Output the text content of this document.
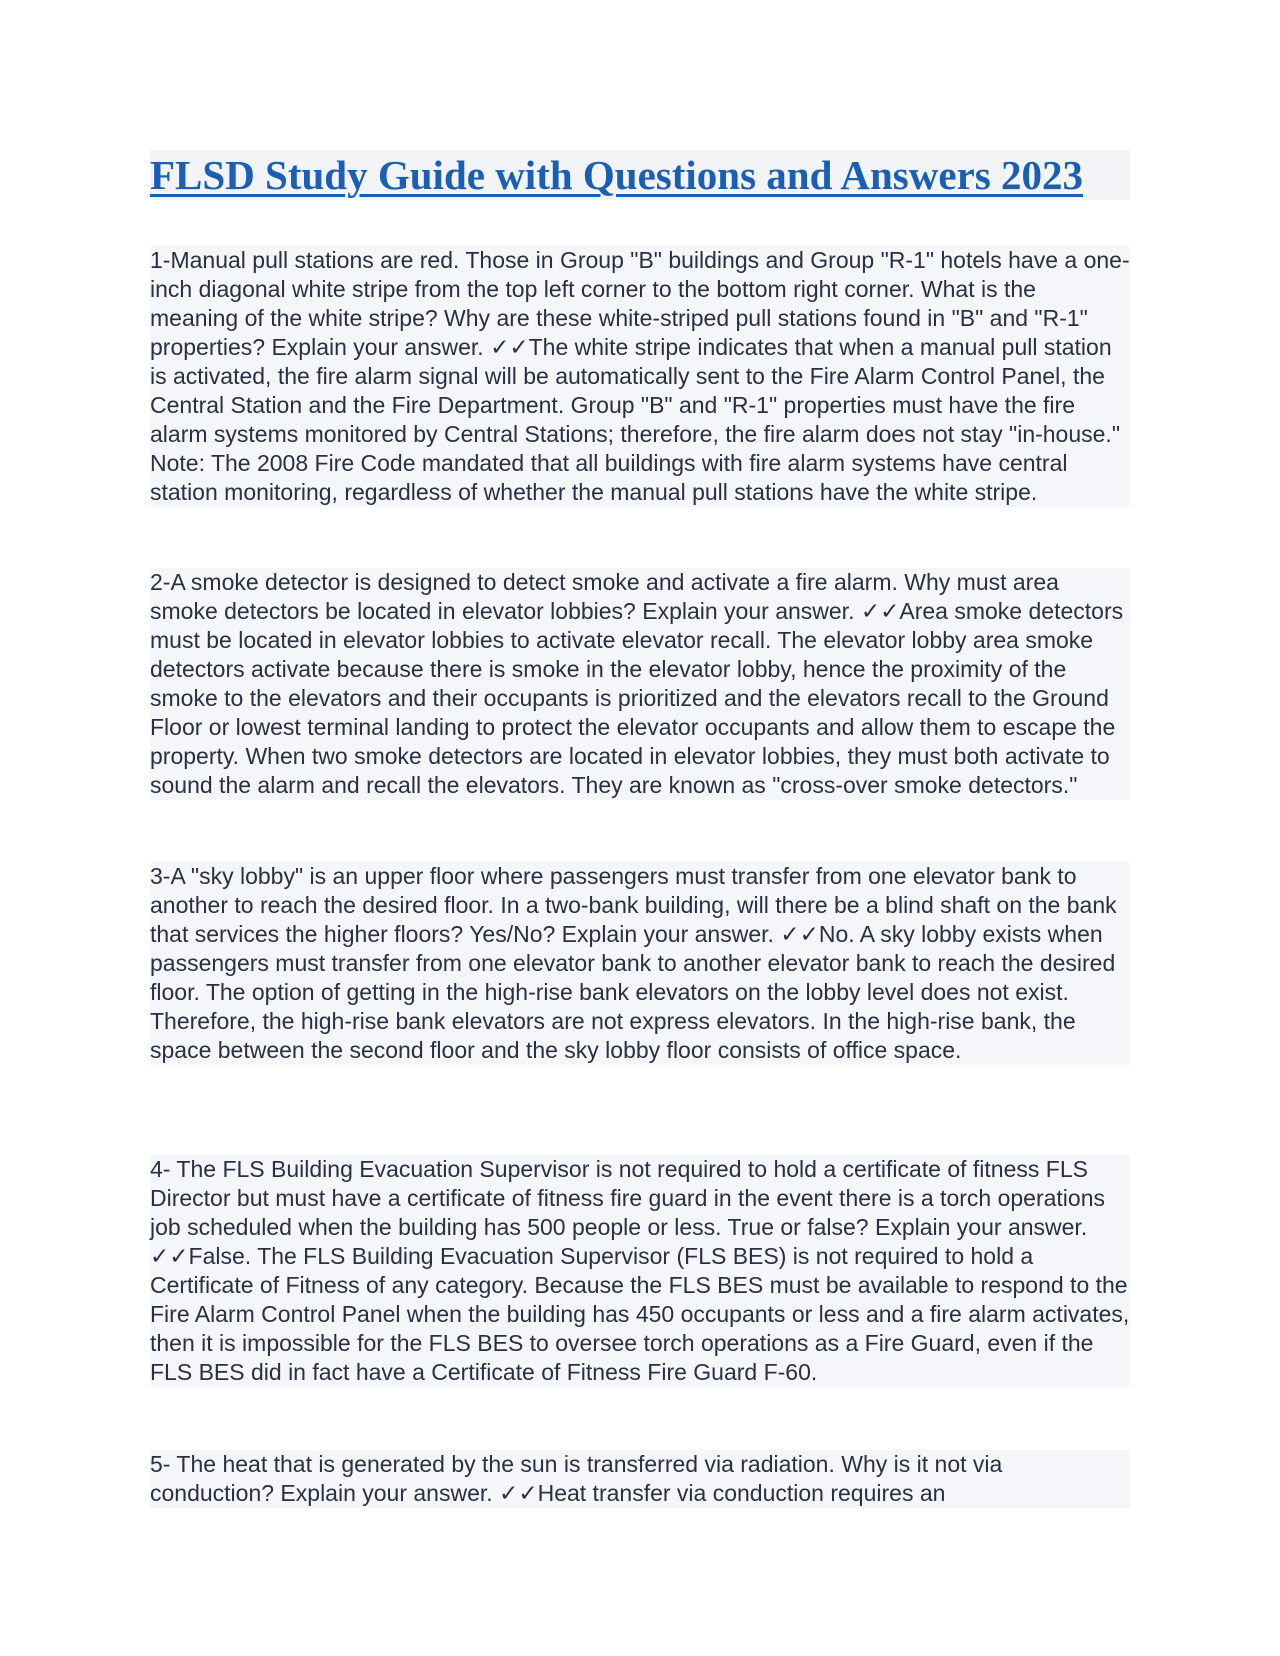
FLSD Study Guide with Questions and Answers 2023

1-Manual pull stations are red. Those in Group "B" buildings and Group "R-1" hotels have a one-inch diagonal white stripe from the top left corner to the bottom right corner. What is the meaning of the white stripe? Why are these white-striped pull stations found in "B" and "R-1" properties? Explain your answer. ✓✓The white stripe indicates that when a manual pull station is activated, the fire alarm signal will be automatically sent to the Fire Alarm Control Panel, the Central Station and the Fire Department. Group "B" and "R-1" properties must have the fire alarm systems monitored by Central Stations; therefore, the fire alarm does not stay "in-house." Note: The 2008 Fire Code mandated that all buildings with fire alarm systems have central station monitoring, regardless of whether the manual pull stations have the white stripe.

2-A smoke detector is designed to detect smoke and activate a fire alarm. Why must area smoke detectors be located in elevator lobbies? Explain your answer. ✓✓Area smoke detectors must be located in elevator lobbies to activate elevator recall. The elevator lobby area smoke detectors activate because there is smoke in the elevator lobby, hence the proximity of the smoke to the elevators and their occupants is prioritized and the elevators recall to the Ground Floor or lowest terminal landing to protect the elevator occupants and allow them to escape the property. When two smoke detectors are located in elevator lobbies, they must both activate to sound the alarm and recall the elevators. They are known as "cross-over smoke detectors."

3-A "sky lobby" is an upper floor where passengers must transfer from one elevator bank to another to reach the desired floor. In a two-bank building, will there be a blind shaft on the bank that services the higher floors? Yes/No? Explain your answer. ✓✓No. A sky lobby exists when passengers must transfer from one elevator bank to another elevator bank to reach the desired floor. The option of getting in the high-rise bank elevators on the lobby level does not exist. Therefore, the high-rise bank elevators are not express elevators. In the high-rise bank, the space between the second floor and the sky lobby floor consists of office space.

4- The FLS Building Evacuation Supervisor is not required to hold a certificate of fitness FLS Director but must have a certificate of fitness fire guard in the event there is a torch operations job scheduled when the building has 500 people or less. True or false? Explain your answer. ✓✓False. The FLS Building Evacuation Supervisor (FLS BES) is not required to hold a Certificate of Fitness of any category. Because the FLS BES must be available to respond to the Fire Alarm Control Panel when the building has 450 occupants or less and a fire alarm activates, then it is impossible for the FLS BES to oversee torch operations as a Fire Guard, even if the FLS BES did in fact have a Certificate of Fitness Fire Guard F-60.

5- The heat that is generated by the sun is transferred via radiation. Why is it not via conduction? Explain your answer. ✓✓Heat transfer via conduction requires an
